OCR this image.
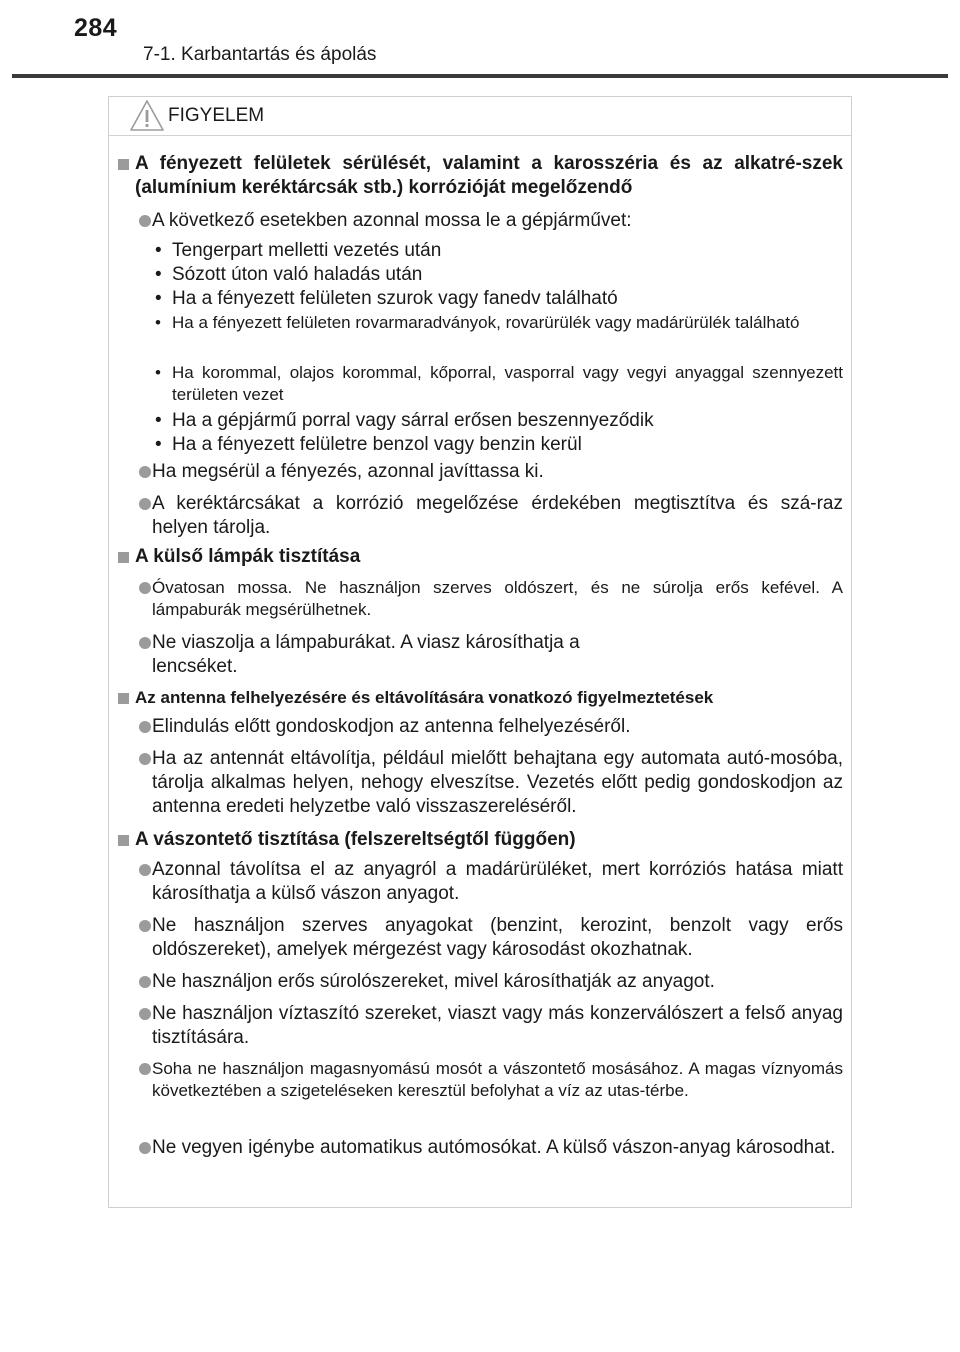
284
7-1. Karbantartás és ápolás
FIGYELEM
A fényezett felületek sérülését, valamint a karosszéria és az alkatré-szek (alumínium keréktárcsák stb.) korrózióját megelőzendő
A következő esetekben azonnal mossa le a gépjárművet:
• Tengerpart melletti vezetés után
• Sózott úton való haladás után
• Ha a fényezett felületen szurok vagy fanedv található
• Ha a fényezett felületen rovarmaradványok, rovarürülék vagy madárürülék található
• Ha korommal, olajos korommal, kőporral, vasporral vagy vegyi anyaggal szennyezett területen vezet
• Ha a gépjármű porral vagy sárral erősen beszennyeződik
• Ha a fényezett felületre benzol vagy benzin kerül
Ha megsérül a fényezés, azonnal javíttassa ki.
A keréktárcsákat a korrózió megelőzése érdekében megtisztítva és szá-raz helyen tárolja.
A külső lámpák tisztítása
Óvatosan mossa. Ne használjon szerves oldószert, és ne súrolja erős kefével. A lámpaburák megsérülhetnek.
Ne viaszolja a lámpaburákat. A viasz károsíthatja a lencséket.
Az antenna felhelyezésére és eltávolítására vonatkozó figyelmeztetések
Elindulás előtt gondoskodjon az antenna felhelyezéséről.
Ha az antennát eltávolítja, például mielőtt behajtana egy automata autó-mosóba, tárolja alkalmas helyen, nehogy elveszítse. Vezetés előtt pedig gondoskodjon az antenna eredeti helyzetbe való visszaszereléséről.
A vászontető tisztítása (felszereltségtől függően)
Azonnal távolítsa el az anyagról a madárürüléket, mert korróziós hatása miatt károsíthatja a külső vászon anyagot.
Ne használjon szerves anyagokat (benzint, kerozint, benzolt vagy erős oldószereket), amelyek mérgezést vagy károsodást okozhatnak.
Ne használjon erős súrolószereket, mivel károsíthatják az anyagot.
Ne használjon víztaszító szereket, viaszt vagy más konzerválószert a felső anyag tisztítására.
Soha ne használjon magasnyomású mosót a vászontető mosásához. A magas víznyomás következtében a szigeteléseken keresztül befolyhat a víz az utas-térbe.
Ne vegyen igénybe automatikus autómosókat. A külső vászon-anyag károsodhat.
